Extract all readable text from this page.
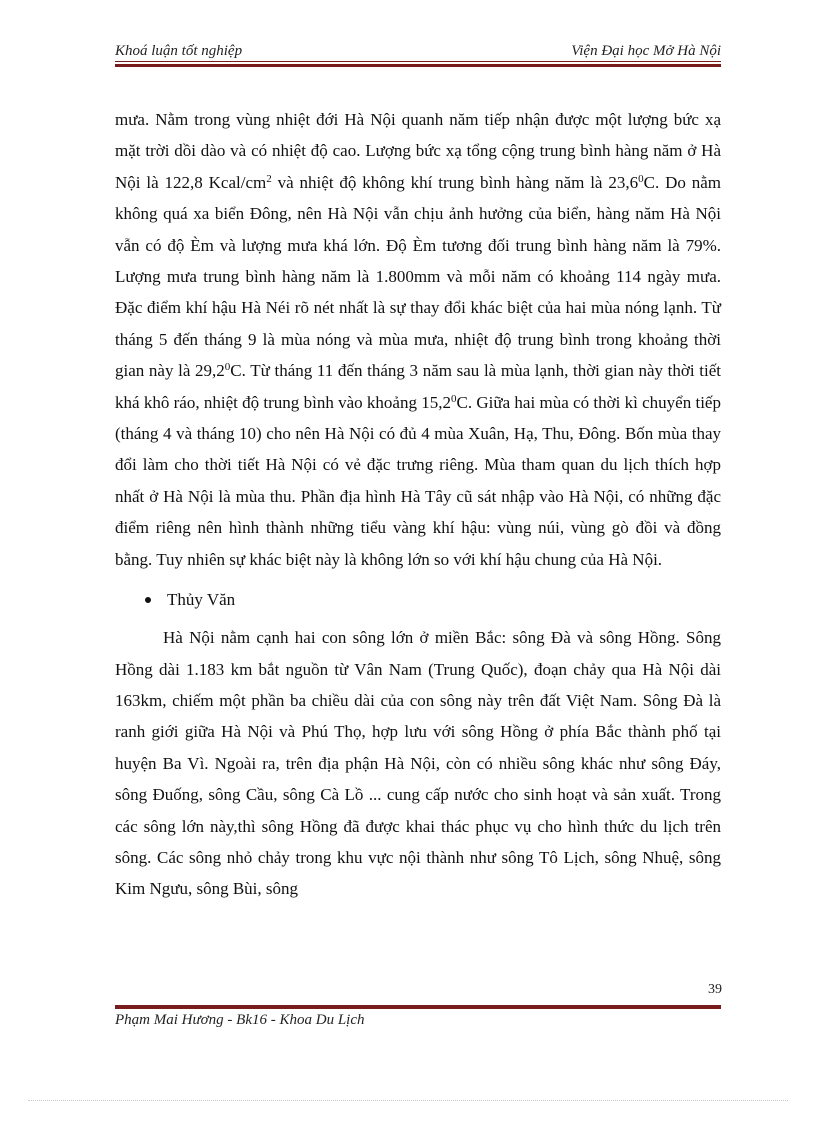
Khoá luận tốt nghiệp	Viện Đại học Mở Hà Nội

mưa. Nằm trong vùng nhiệt đới Hà Nội quanh năm tiếp nhận được một lượng bức xạ mặt trời dồi dào và có nhiệt độ cao. Lượng bức xạ tổng cộng trung bình hàng năm ở Hà Nội là 122,8 Kcal/$cm^2$ và nhiệt độ không khí trung bình hàng năm là 23,6$^0$C. Do nằm không quá xa biển Đông, nên Hà Nội vẫn chịu ảnh hưởng của biển, hàng năm Hà Nội vẫn có độ Èm và lượng mưa khá lớn. Độ Èm tương đối trung bình hàng năm là 79%. Lượng mưa trung bình hàng năm là 1.800mm và mỗi năm có khoảng 114 ngày mưa. Đặc điểm khí hậu Hà Néi rõ nét nhất là sự thay đổi khác biệt của hai mùa nóng lạnh. Từ tháng 5 đến tháng 9 là mùa nóng và mùa mưa, nhiệt độ trung bình trong khoảng thời gian này là 29,2$^0$C. Từ tháng 11 đến tháng 3 năm sau là mùa lạnh, thời gian này thời tiết khá khô ráo, nhiệt độ trung bình vào khoảng 15,2$^0$C. Giữa hai mùa có thời kì chuyển tiếp (tháng 4 và tháng 10) cho nên Hà Nội có đủ 4 mùa Xuân, Hạ, Thu, Đông. Bốn mùa thay đổi làm cho thời tiết Hà Nội có vẻ đặc trưng riêng. Mùa tham quan du lịch thích hợp nhất ở Hà Nội là mùa thu. Phần địa hình Hà Tây cũ sát nhập vào Hà Nội, có những đặc điểm riêng nên hình thành những tiểu vàng khí hậu: vùng núi, vùng gò đồi và đồng bằng. Tuy nhiên sự khác biệt này là không lớn so với khí hậu chung của Hà Nội.

Thủy Văn

Hà Nội nằm cạnh hai con sông lớn ở miền Bắc: sông Đà và sông Hồng. Sông Hồng dài 1.183 km bắt nguồn từ Vân Nam (Trung Quốc), đoạn chảy qua Hà Nội dài 163km, chiếm một phần ba chiều dài của con sông này trên đất Việt Nam. Sông Đà là ranh giới giữa Hà Nội và Phú Thọ, hợp lưu với sông Hồng ở phía Bắc thành phố tại huyện Ba Vì. Ngoài ra, trên địa phận Hà Nội, còn có nhiều sông khác như sông Đáy, sông Đuống, sông Cầu, sông Cà Lồ ... cung cấp nước cho sinh hoạt và sản xuất. Trong các sông lớn này,thì sông Hồng đã được khai thác phục vụ cho hình thức du lịch trên sông. Các sông nhỏ chảy trong khu vực nội thành như sông Tô Lịch, sông Nhuệ, sông Kim Ngưu, sông Bùi, sông

39
Phạm Mai Hương - Bk16 - Khoa Du Lịch
